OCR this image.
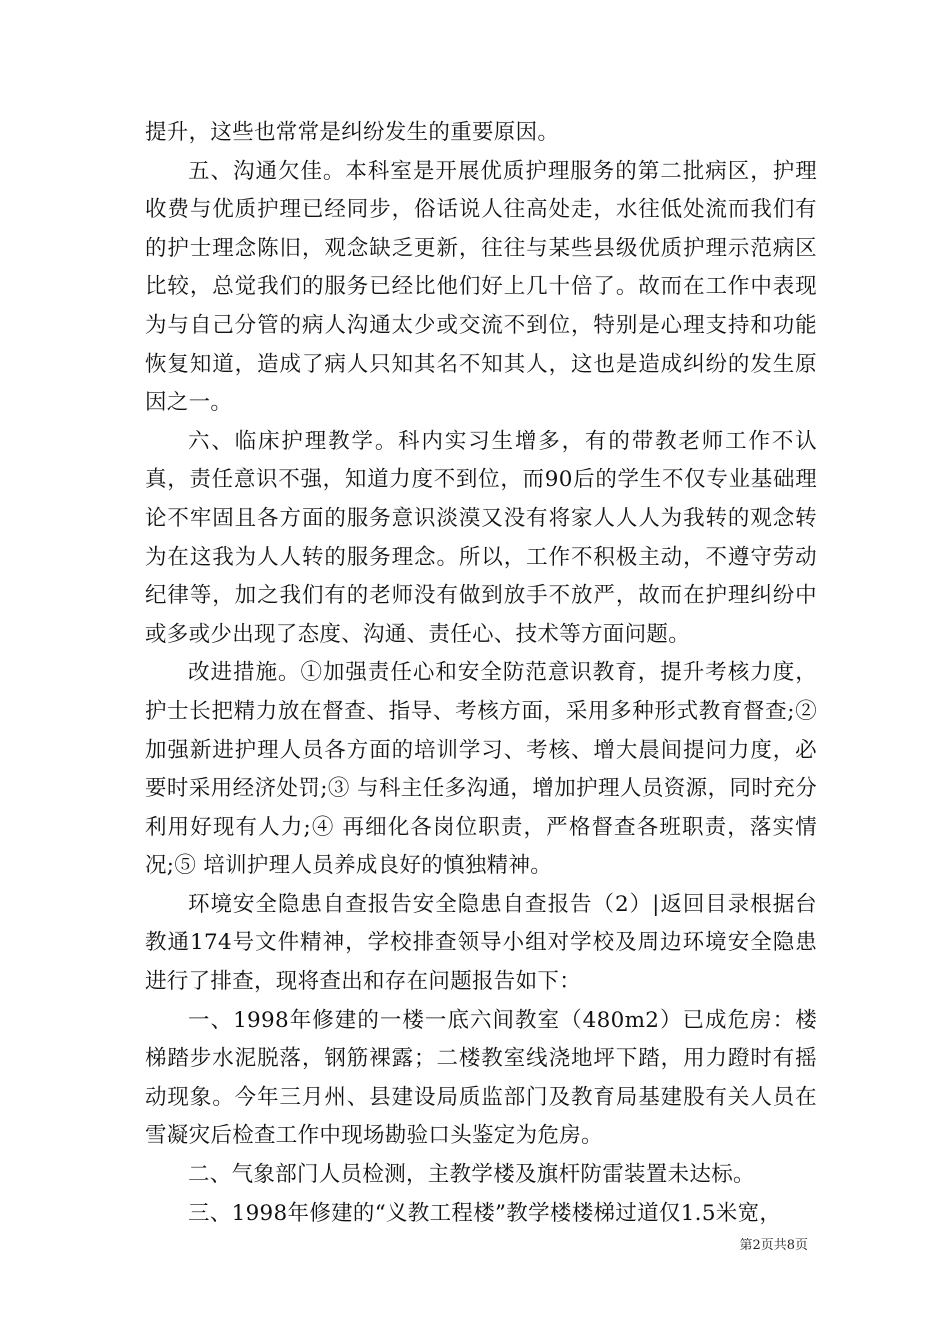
提升，这些也常常是纠纷发生的重要原因。

五、沟通欠佳。本科室是开展优质护理服务的第二批病区，护理收费与优质护理已经同步，俗话说人往高处走，水往低处流而我们有的护士理念陈旧，观念缺乏更新，往往与某些县级优质护理示范病区比较，总觉我们的服务已经比他们好上几十倍了。故而在工作中表现为与自己分管的病人沟通太少或交流不到位，特别是心理支持和功能恢复知道，造成了病人只知其名不知其人，这也是造成纠纷的发生原因之一。

六、临床护理教学。科内实习生增多，有的带教老师工作不认真，责任意识不强，知道力度不到位，而90后的学生不仅专业基础理论不牢固且各方面的服务意识淡漠又没有将家人人人为我转的观念转为在这我为人人转的服务理念。所以，工作不积极主动，不遵守劳动纪律等，加之我们有的老师没有做到放手不放严，故而在护理纠纷中或多或少出现了态度、沟通、责任心、技术等方面问题。

改进措施。①加强责任心和安全防范意识教育，提升考核力度，护士长把精力放在督查、指导、考核方面，采用多种形式教育督查;② 加强新进护理人员各方面的培训学习、考核、增大晨间提问力度，必要时采用经济处罚;③ 与科主任多沟通，增加护理人员资源，同时充分利用好现有人力;④ 再细化各岗位职责，严格督查各班职责，落实情况;⑤ 培训护理人员养成良好的慎独精神。

环境安全隐患自查报告安全隐患自查报告（2）|返回目录根据台教通174号文件精神，学校排查领导小组对学校及周边环境安全隐患进行了排查，现将查出和存在问题报告如下：

一、1998年修建的一楼一底六间教室（480m2）已成危房：楼梯踏步水泥脱落，钢筋裸露；二楼教室线浇地坪下踏，用力蹬时有摇动现象。今年三月州、县建设局质监部门及教育局基建股有关人员在雪凝灾后检查工作中现场勘验口头鉴定为危房。

二、气象部门人员检测，主教学楼及旗杆防雷装置未达标。

三、1998年修建的“义教工程楼”教学楼楼梯过道仅1.5米宽，

第2页共8页
